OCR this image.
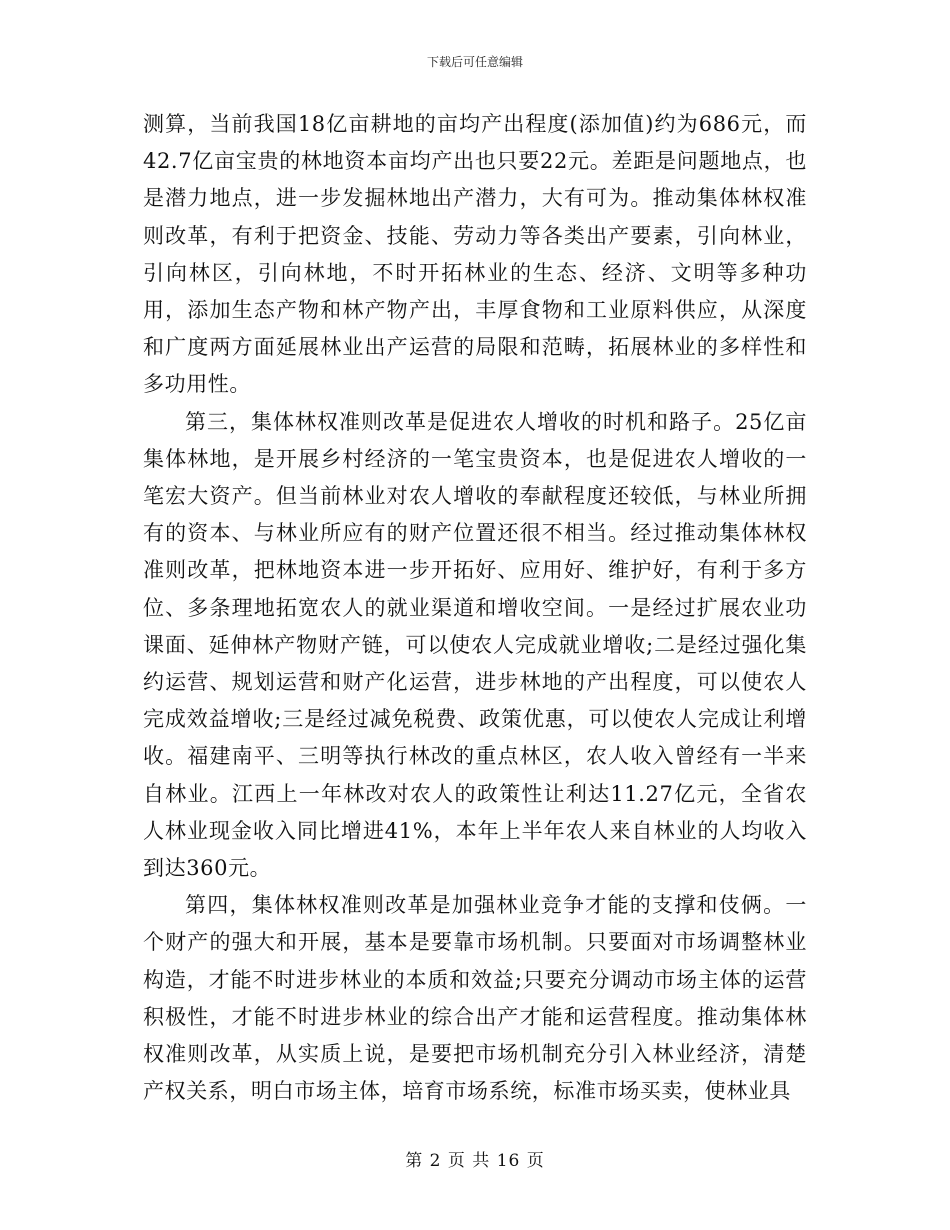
下载后可任意编辑

测算，当前我国18亿亩耕地的亩均产出程度(添加值)约为686元，而42.7亿亩宝贵的林地资本亩均产出也只要22元。差距是问题地点，也是潜力地点，进一步发掘林地出产潜力，大有可为。推动集体林权准则改革，有利于把资金、技能、劳动力等各类出产要素，引向林业，引向林区，引向林地，不时开拓林业的生态、经济、文明等多种功用，添加生态产物和林产物产出，丰厚食物和工业原料供应，从深度和广度两方面延展林业出产运营的局限和范畴，拓展林业的多样性和多功用性。

第三，集体林权准则改革是促进农人增收的时机和路子。25亿亩集体林地，是开展乡村经济的一笔宝贵资本，也是促进农人增收的一笔宏大资产。但当前林业对农人增收的奉献程度还较低，与林业所拥有的资本、与林业所应有的财产位置还很不相当。经过推动集体林权准则改革，把林地资本进一步开拓好、应用好、维护好，有利于多方位、多条理地拓宽农人的就业渠道和增收空间。一是经过扩展农业功课面、延伸林产物财产链，可以使农人完成就业增收;二是经过强化集约运营、规划运营和财产化运营，进步林地的产出程度，可以使农人完成效益增收;三是经过减免税费、政策优惠，可以使农人完成让利增收。福建南平、三明等执行林改的重点林区，农人收入曾经有一半来自林业。江西上一年林改对农人的政策性让利达11.27亿元，全省农人林业现金收入同比增进41%，本年上半年农人来自林业的人均收入到达360元。

第四，集体林权准则改革是加强林业竞争才能的支撑和伎俩。一个财产的强大和开展，基本是要靠市场机制。只要面对市场调整林业构造，才能不时进步林业的本质和效益;只要充分调动市场主体的运营积极性，才能不时进步林业的综合出产才能和运营程度。推动集体林权准则改革，从实质上说，是要把市场机制充分引入林业经济，清楚产权关系，明白市场主体，培育市场系统，标准市场买卖，使林业具

第 2 页 共 16 页
